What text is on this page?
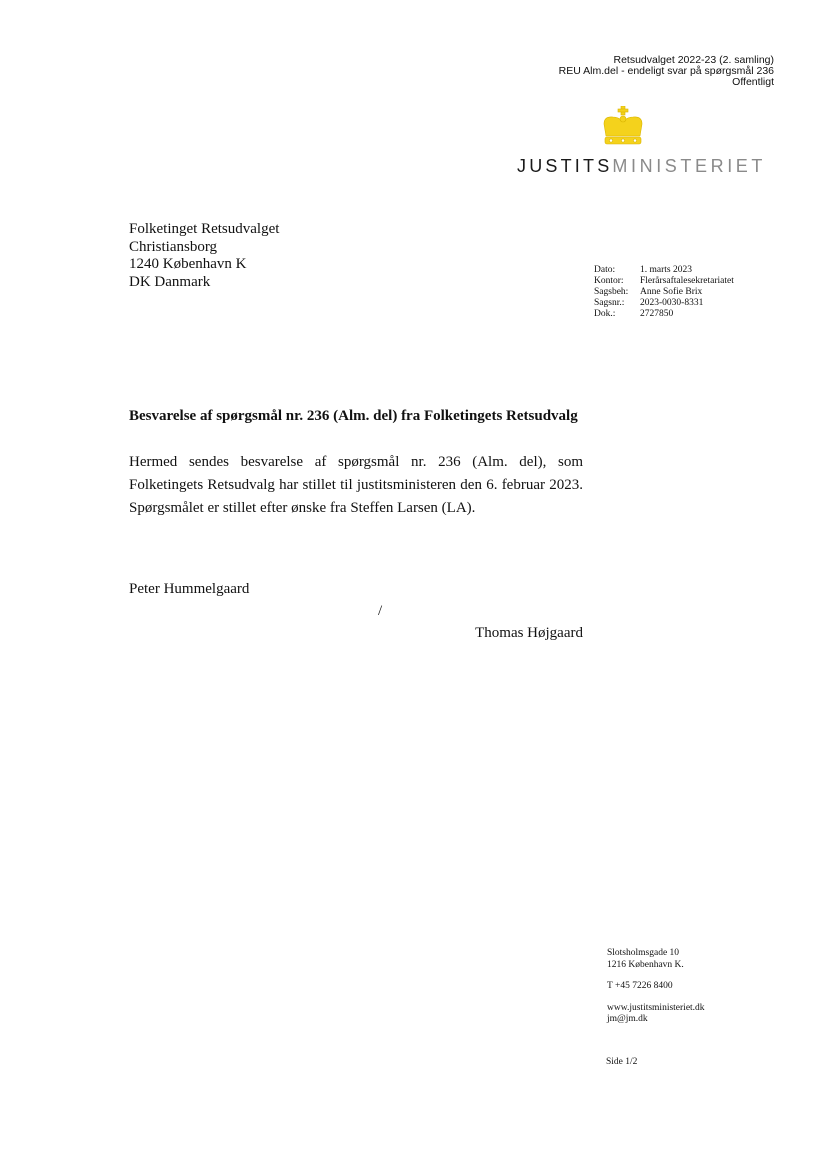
Retsudvalget 2022-23 (2. samling)
REU Alm.del - endeligt svar på spørgsmål 236
Offentligt
JUSTITSMINISTERIET
Folketinget Retsudvalget
Christiansborg
1240 København K
DK Danmark
Dato:	1. marts 2023
Kontor:	Flerårsaftalesekretariatet
Sagsbeh:	Anne Sofie Brix
Sagsnr.:	2023-0030-8331
Dok.:	2727850
Besvarelse af spørgsmål nr. 236 (Alm. del) fra Folketingets Retsudvalg
Hermed sendes besvarelse af spørgsmål nr. 236 (Alm. del), som Folketingets Retsudvalg har stillet til justitsministeren den 6. februar 2023. Spørgsmålet er stillet efter ønske fra Steffen Larsen (LA).
Peter Hummelgaard
/
Thomas Højgaard
Slotsholmsgade 10
1216 København K.
T +45 7226 8400
www.justitsministeriet.dk
jm@jm.dk
Side 1/2
